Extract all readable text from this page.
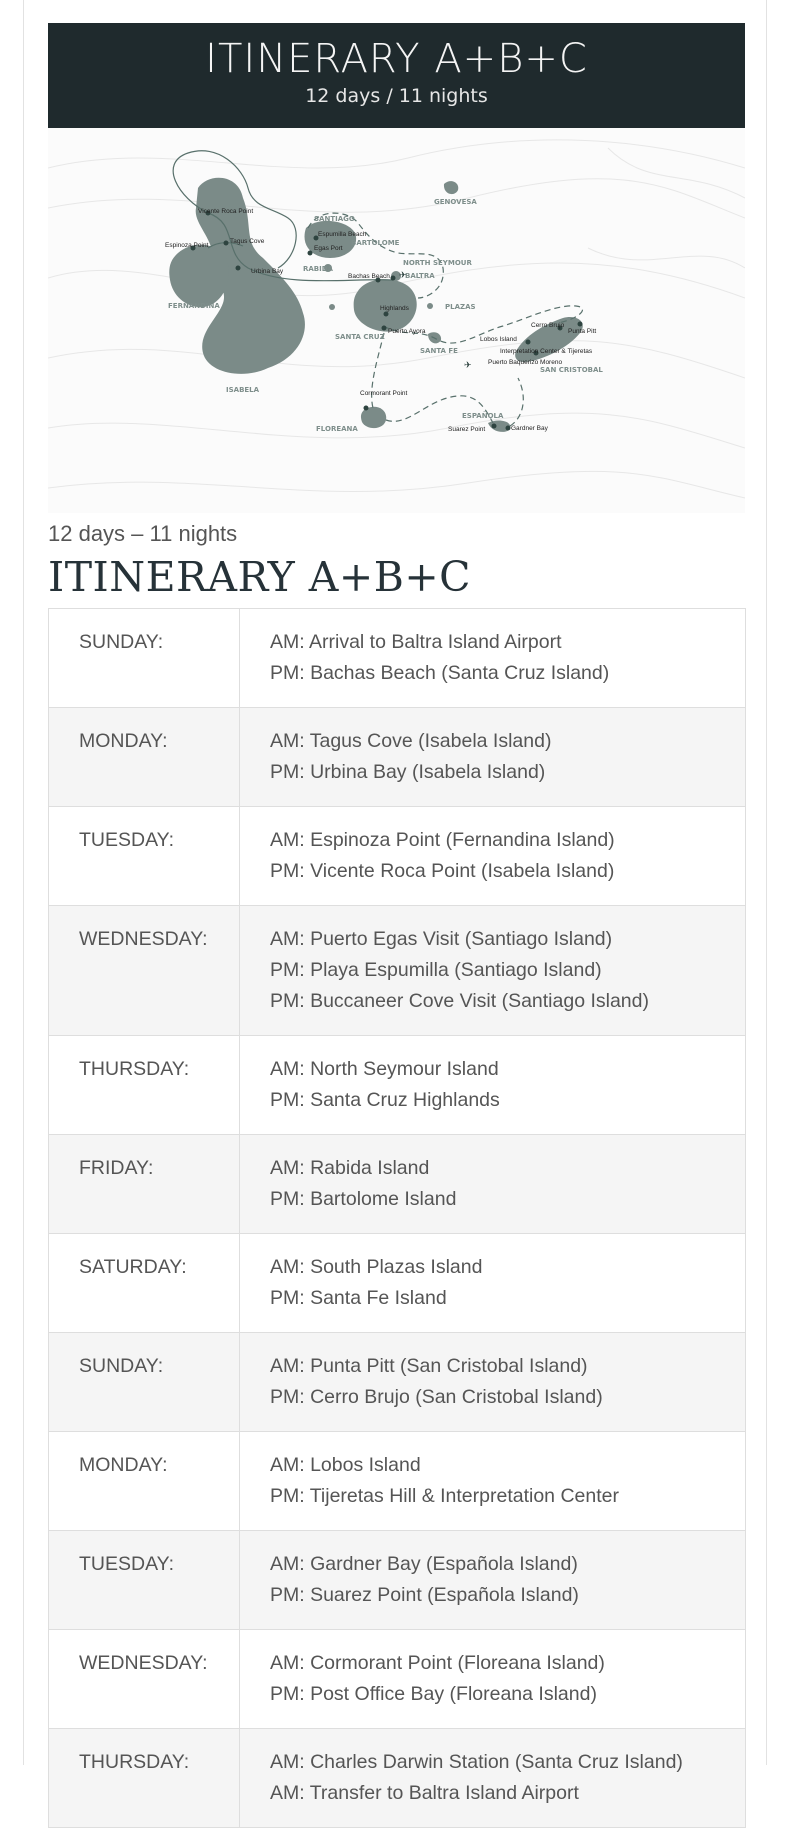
ITINERARY A+B+C
12 days / 11 nights
GENOVESA
SANTIAGO
BARTOLOME
RABIDA
NORTH SEYMOUR
BALTRA
FERNANDINA
ISABELA
SANTA CRUZ
PLAZAS
SANTA FE
SAN CRISTOBAL
ESPAÑOLA
FLOREANA
Vicente Roca Point
Espinoza Point
Tagus Cove
Urbina Bay
Espumilla Beach
Egas Port
Bachas Beach
Highlands
Puerto Ayora
Cormorant Point
Cerro Brujo
Punta Pitt
Lobos Island
Interpretation Center & Tijeretas
Puerto Baquerizo Moreno
Suarez Point	Gardner Bay
✈
✈
12 days – 11 nights
ITINERARY A+B+C
SUNDAY:	AM: Arrival to Baltra Island Airport
PM: Bachas Beach (Santa Cruz Island)

MONDAY:	AM: Tagus Cove (Isabela Island)
PM: Urbina Bay (Isabela Island)

TUESDAY:	AM: Espinoza Point (Fernandina Island)
PM: Vicente Roca Point (Isabela Island)

WEDNESDAY:	AM: Puerto Egas Visit (Santiago Island)
PM: Playa Espumilla (Santiago Island)
PM: Buccaneer Cove Visit (Santiago Island)

THURSDAY:	AM: North Seymour Island
PM: Santa Cruz Highlands

FRIDAY:	AM: Rabida Island
PM: Bartolome Island

SATURDAY:	AM: South Plazas Island
PM: Santa Fe Island

SUNDAY:	AM: Punta Pitt (San Cristobal Island)
PM: Cerro Brujo (San Cristobal Island)

MONDAY:	AM: Lobos Island
PM: Tijeretas Hill & Interpretation Center

TUESDAY:	AM: Gardner Bay (Española Island)
PM: Suarez Point (Española Island)

WEDNESDAY:	AM: Cormorant Point (Floreana Island)
PM: Post Office Bay (Floreana Island)

THURSDAY:	AM: Charles Darwin Station (Santa Cruz Island)
AM: Transfer to Baltra Island Airport
